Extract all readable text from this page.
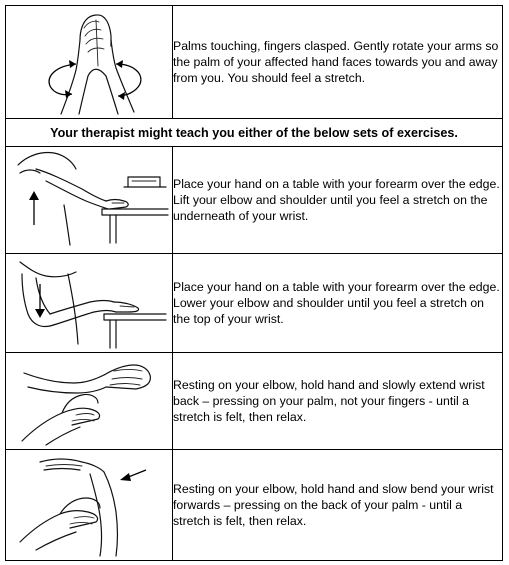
	Palms touching, fingers clasped. Gently rotate your arms so the palm of your affected hand faces towards you and away from you. You should feel a stretch.
Your therapist might teach you either of the below sets of exercises.	

	Place your hand on a table with your forearm over the edge. Lift your elbow and shoulder until you feel a stretch on the underneath of your wrist.

	Place your hand on a table with your forearm over the edge. Lower your elbow and shoulder until you feel a stretch on the top of your wrist.

	Resting on your elbow, hold hand and slowly extend wrist back – pressing on your palm, not your fingers - until a stretch is felt, then relax.

	Resting on your elbow, hold hand and slow bend your wrist forwards – pressing on the back of your palm - until a stretch is felt, then relax.
